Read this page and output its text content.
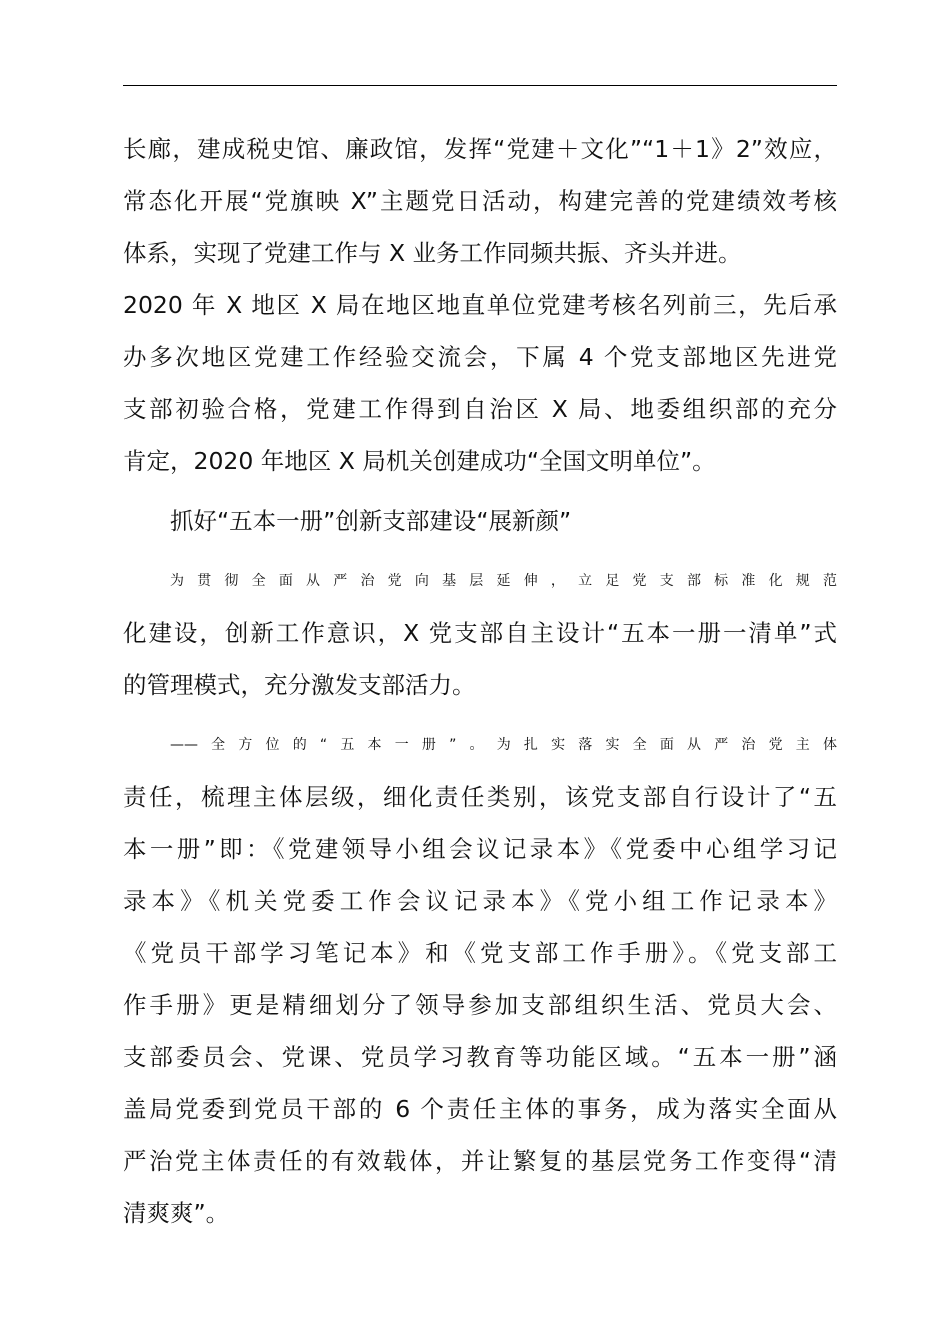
长廊，建成税史馆、廉政馆，发挥“党建＋文化”“1＋1》2”效应，
常态化开展“党旗映 X”主题党日活动，构建完善的党建绩效考核
体系，实现了党建工作与 X 业务工作同频共振、齐头并进。
2020 年 X 地区 X 局在地区地直单位党建考核名列前三，先后承
办多次地区党建工作经验交流会，下属 4 个党支部地区先进党
支部初验合格，党建工作得到自治区 X 局、地委组织部的充分
肯定，2020 年地区 X 局机关创建成功“全国文明单位”。

抓好“五本一册”创新支部建设“展新颜”

为贯彻全面从严治党向基层延伸，立足党支部标准化规范
化建设，创新工作意识，X 党支部自主设计“五本一册一清单”式
的管理模式，充分激发支部活力。

——全方位的“五本一册”。为扎实落实全面从严治党主体
责任，梳理主体层级，细化责任类别，该党支部自行设计了“五
本一册”即：《党建领导小组会议记录本》《党委中心组学习记
录本》《机关党委工作会议记录本》《党小组工作记录本》
《党员干部学习笔记本》和《党支部工作手册》。《党支部工
作手册》更是精细划分了领导参加支部组织生活、党员大会、
支部委员会、党课、党员学习教育等功能区域。“五本一册”涵
盖局党委到党员干部的 6 个责任主体的事务，成为落实全面从
严治党主体责任的有效载体，并让繁复的基层党务工作变得“清
清爽爽”。
